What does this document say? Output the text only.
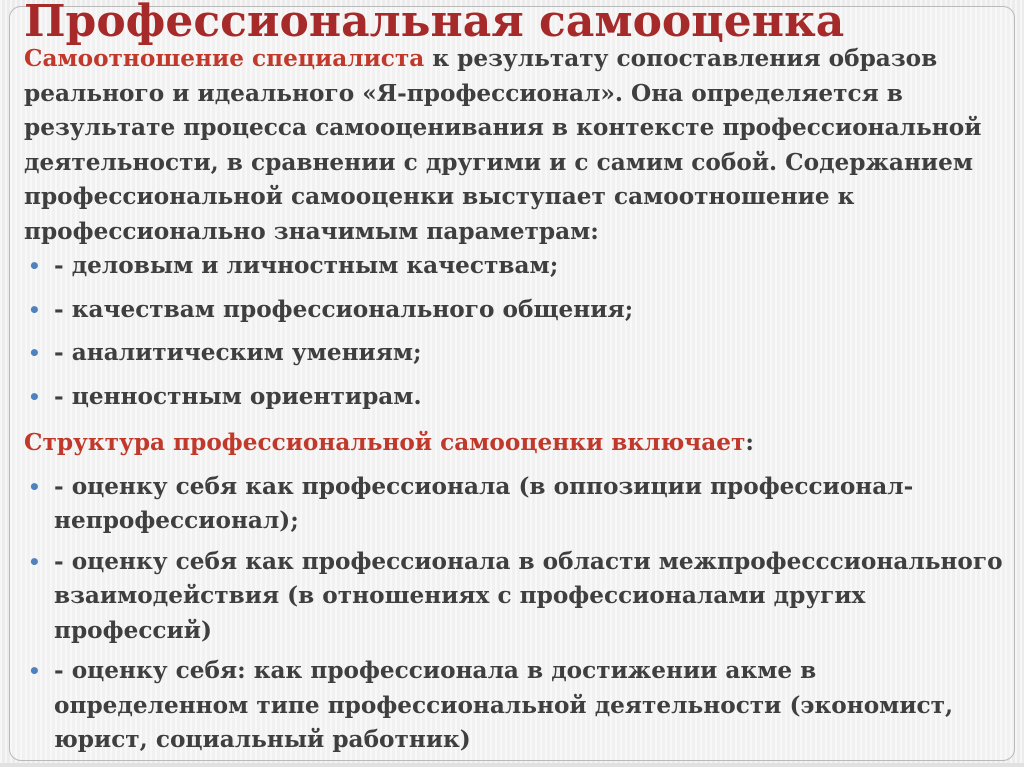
Профессиональная самооценка

Самоотношение специалиста к результату сопоставления образов реального и идеального «Я-профессионал». Она определяется в результате процесса самооценивания в контексте профессиональной деятельности, в сравнении с другими и с самим собой. Содержанием профессиональной самооценки выступает самоотношение к профессионально значимым параметрам:

• - деловым и личностным качествам;
• - качествам профессионального общения;
• - аналитическим умениям;
• - ценностным ориентирам.

Структура профессиональной самооценки включает:

• - оценку себя как профессионала (в оппозиции профессионал-непрофессионал);
• - оценку себя как профессионала в области межпрофесссионального взаимодействия (в отношениях с профессионалами других профессий)
• - оценку себя: как профессионала в достижении акме в определенном типе профессиональной деятельности (экономист, юрист, социальный работник)
